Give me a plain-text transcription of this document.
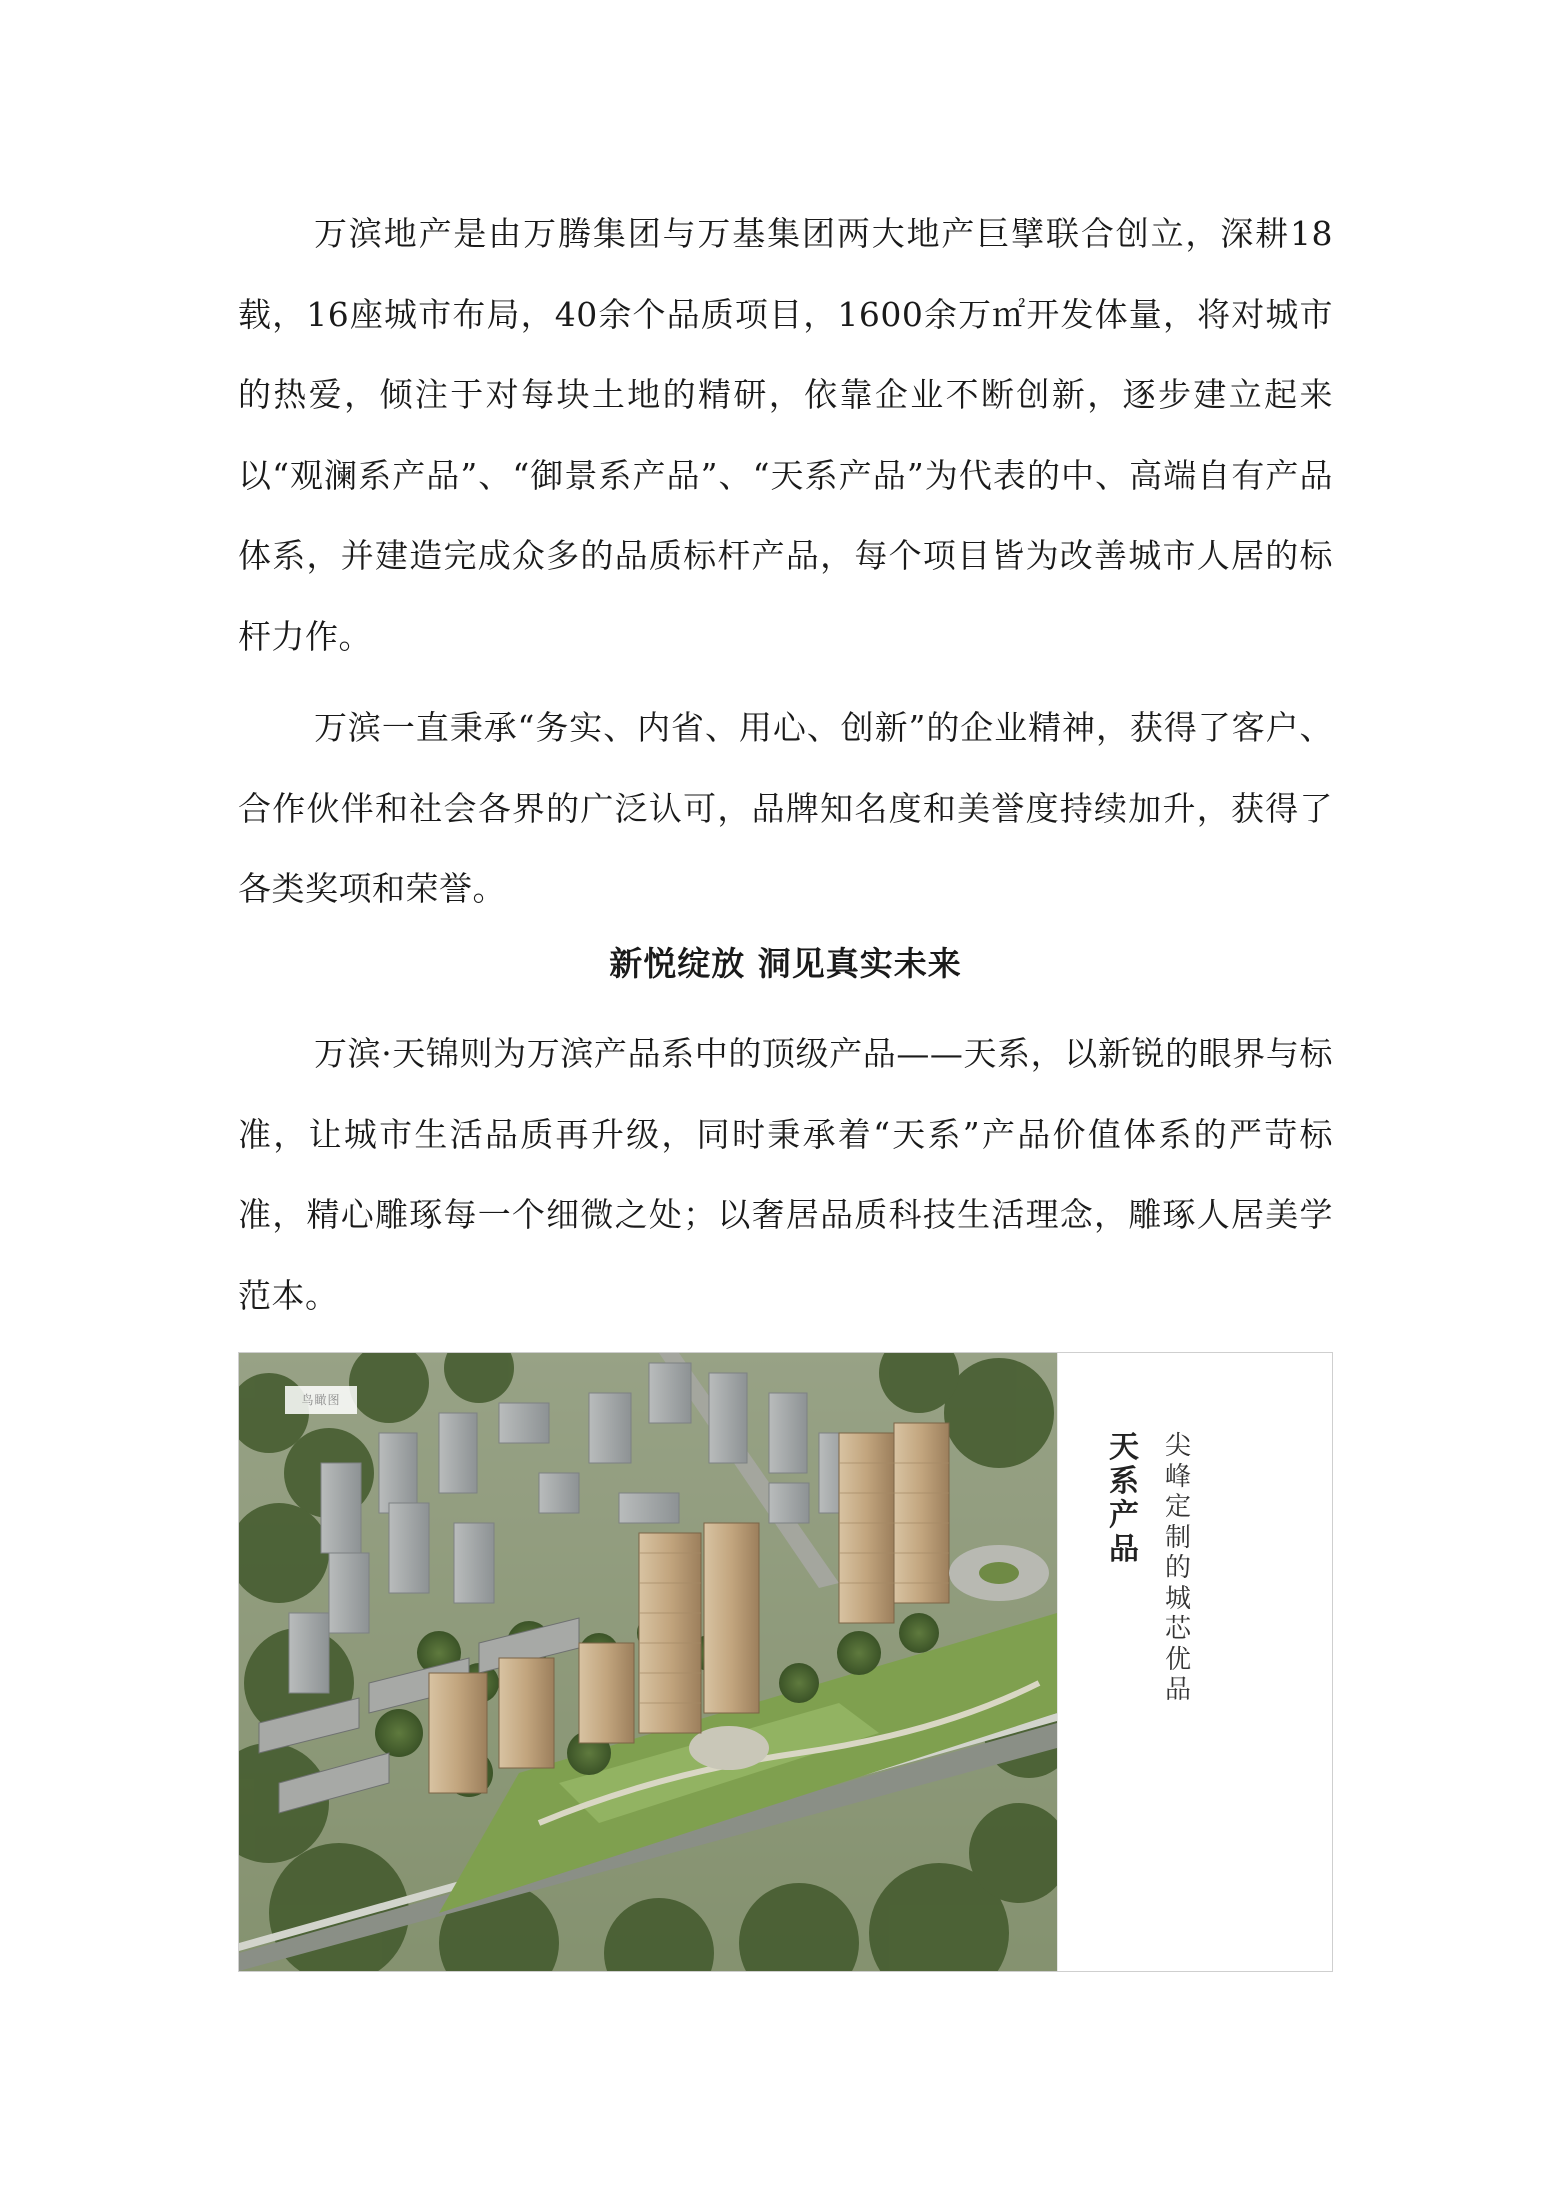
万滨地产是由万腾集团与万基集团两大地产巨擘联合创立，深耕18载，16座城市布局，40余个品质项目，1600余万㎡开发体量，将对城市的热爱，倾注于对每块土地的精研，依靠企业不断创新，逐步建立起来以“观澜系产品”、“御景系产品”、“天系产品”为代表的中、高端自有产品体系，并建造完成众多的品质标杆产品，每个项目皆为改善城市人居的标杆力作。

万滨一直秉承“务实、内省、用心、创新”的企业精神，获得了客户、合作伙伴和社会各界的广泛认可，品牌知名度和美誉度持续加升，获得了各类奖项和荣誉。

新悦绽放 洞见真实未来

万滨·天锦则为万滨产品系中的顶级产品——天系，以新锐的眼界与标准，让城市生活品质再升级，同时秉承着“天系”产品价值体系的严苛标准，精心雕琢每一个细微之处；以奢居品质科技生活理念，雕琢人居美学范本。

鸟瞰图
天系产品
尖峰定制的城芯优品
